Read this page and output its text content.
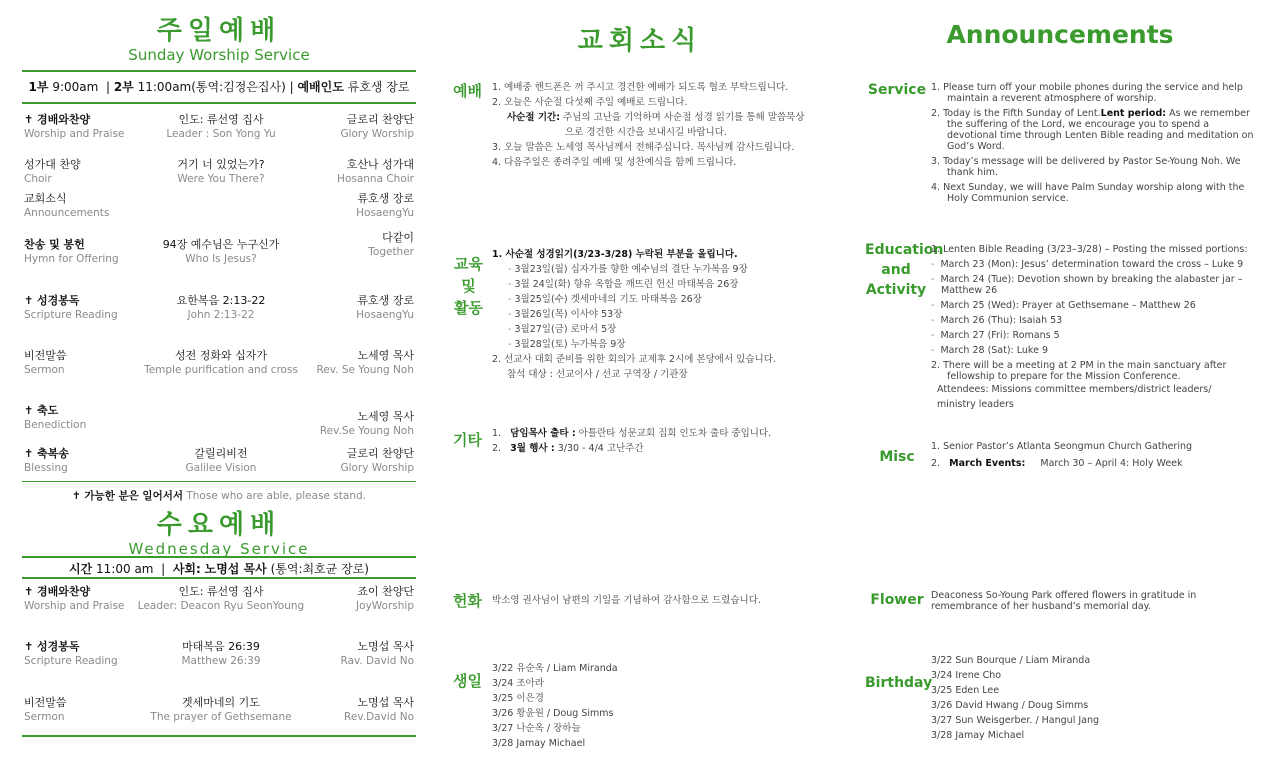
주일예배
Sunday Worship Service
1부 9:00am  | 2부 11:00am(통역:김정은집사) | 예배인도 류호생 장로
✝ 경배와찬양
Worship and Praise
인도: 류선영 집사
Leader : Son Yong Yu
글로리 찬양단
Glory Worship
성가대 찬양
Choir
거기 너 있었는가?
Were You There?
호산나 성가대
Hosanna Choir
교회소식
Announcements
류호생 장로
HosaengYu
찬송 및 봉헌
Hymn for Offering
94장 예수님은 누구신가
Who Is Jesus?
다같이
Together
✝ 성경봉독
Scripture Reading
요한복음 2:13-22
John 2:13-22
류호생 장로
HosaengYu
비전말씀
Sermon
성전 정화와 십자가
Temple purification and cross
노세영 목사
Rev. Se Young Noh
✝ 축도
Benediction
노세영 목사
Rev.Se Young Noh
✝ 축복송
Blessing
갈릴리비전
Galilee Vision
글로리 찬양단
Glory Worship
✝ 가능한 분은 일어서서 Those who are able, please stand.
수요예배
Wednesday Service
시간 11:00 am  |  사회: 노명섭 목사 (통역:최호균 장로)
✝ 경배와찬양
Worship and Praise
인도: 류선영 집사
Leader: Deacon Ryu SeonYoung
죠이 찬양단
JoyWorship
✝ 성경봉독
Scripture Reading
마태복음 26:39
Matthew 26:39
노명섭 목사
Rav. David No
비전말씀
Sermon
겟세마네의 기도
The prayer of Gethsemane
노명섭 목사
Rev.David No
교회소식
예배 1. 예배중 핸드폰은 꺼 주시고 경건한 예배가 되도록 협조 부탁드립니다.
2. 오늘은 사순절 다섯째 주일 예배로 드립니다.
사순절 기간: 주님의 고난을 기억하며 사순절 성경 읽기를 통해 말씀묵상
으로 경건한 시간을 보내시길 바랍니다.
3. 오늘 말씀은 노세영 목사님께서 전해주십니다. 목사님께 감사드립니다.
4. 다음주일은 종려주일 예배 및 성찬예식을 함께 드립니다.
교육
및
활동
1. 사순절 성경읽기(3/23-3/28) 누락된 부분을 올립니다.
- 3월23일(월) 십자가를 향한 예수님의 결단 누가복음 9장
- 3월 24일(화) 향유 옥합을 깨뜨린 헌신 마태복음 26장
- 3월25일(수) 겟세마네의 기도 마태복음 26장
- 3월26일(목) 이사야 53장
- 3월27일(금) 로마서 5장
- 3월28일(토) 누가복음 9장
2. 선교사 대회 준비를 위한 회의가 교제후 2시에 본당에서 있습니다.
참석 대상 : 선교이사 / 선교 구역장 / 기관장
기타 1. 담임목사 출타 : 아틀란타 성문교회 집회 인도차 출타 중입니다.
2. 3월 행사 : 3/30 - 4/4 고난주간
헌화 박소영 권사님이 남편의 기일을 기념하여 감사함으로 드렸습니다.
생일
3/22 유순옥 / Liam Miranda
3/24 조아라
3/25 이은경
3/26 황윤원 / Doug Simms
3/27 나순옥 / 장하늘
3/28 Jamay Michael
Announcements
Service 1. Please turn off your mobile phones during the service and help
maintain a reverent atmosphere of worship.
2. Today is the Fifth Sunday of Lent.Lent period: As we remember
the suffering of the Lord, we encourage you to spend a
devotional time through Lenten Bible reading and meditation on
God’s Word.
3. Today’s message will be delivered by Pastor Se-Young Noh. We
thank him.
4. Next Sunday, we will have Palm Sunday worship along with the
Holy Communion service.
Education
and
Activity
1. Lenten Bible Reading (3/23–3/28) – Posting the missed portions:
- March 23 (Mon): Jesus’ determination toward the cross – Luke 9
- March 24 (Tue): Devotion shown by breaking the alabaster jar –
Matthew 26
- March 25 (Wed): Prayer at Gethsemane – Matthew 26
- March 26 (Thu): Isaiah 53
- March 27 (Fri): Romans 5
- March 28 (Sat): Luke 9
2. There will be a meeting at 2 PM in the main sanctuary after
fellowship to prepare for the Mission Conference.
Attendees: Missions committee members/district leaders/
ministry leaders
Misc
1. Senior Pastor’s Atlanta Seongmun Church Gathering
2. March Events: March 30 – April 4: Holy Week
Flower Deaconess So-Young Park offered flowers in gratitude in
remembrance of her husband’s memorial day.
Birthday
3/22 Sun Bourque / Liam Miranda
3/24 Irene Cho
3/25 Eden Lee
3/26 David Hwang / Doug Simms
3/27 Sun Weisgerber. / Hangul Jang
3/28 Jamay Michael
